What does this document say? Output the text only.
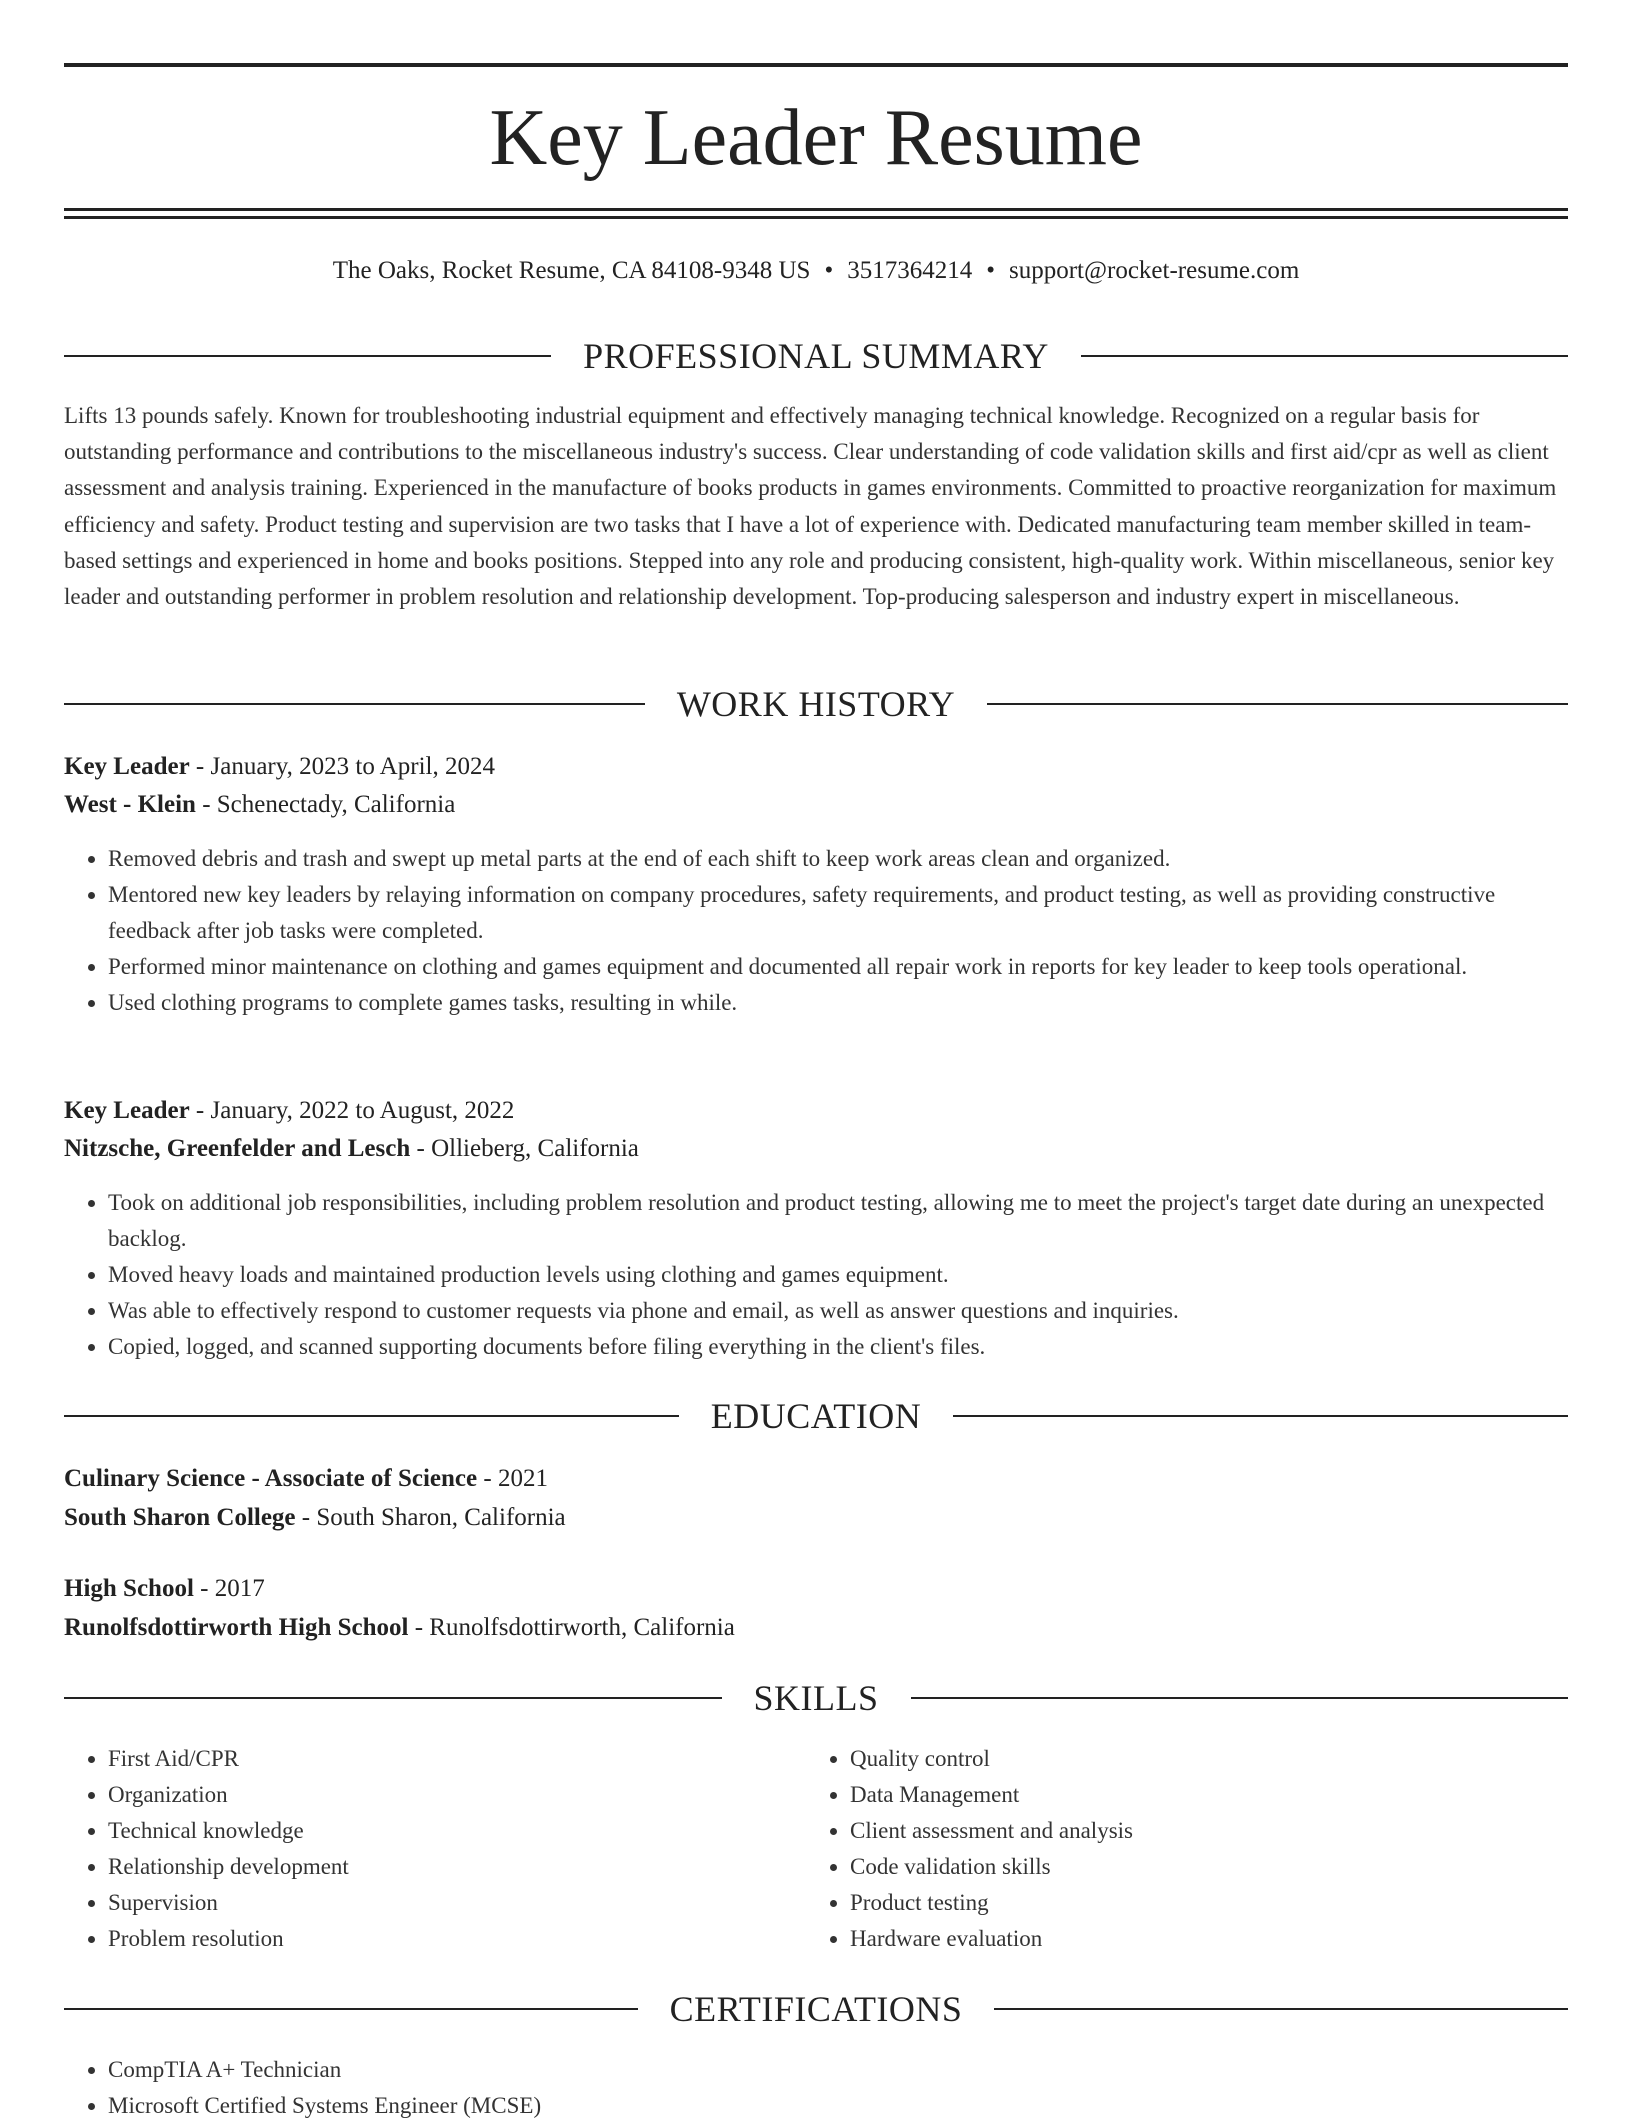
Key Leader Resume
The Oaks, Rocket Resume, CA 84108-9348 US • 3517364214 • support@rocket-resume.com
PROFESSIONAL SUMMARY

Lifts 13 pounds safely. Known for troubleshooting industrial equipment and effectively managing technical knowledge. Recognized on a regular basis for outstanding performance and contributions to the miscellaneous industry's success. Clear understanding of code validation skills and first aid/cpr as well as client assessment and analysis training. Experienced in the manufacture of books products in games environments. Committed to proactive reorganization for maximum efficiency and safety. Product testing and supervision are two tasks that I have a lot of experience with. Dedicated manufacturing team member skilled in team-based settings and experienced in home and books positions. Stepped into any role and producing consistent, high-quality work. Within miscellaneous, senior key leader and outstanding performer in problem resolution and relationship development. Top-producing salesperson and industry expert in miscellaneous.

WORK HISTORY
Key Leader - January, 2023 to April, 2024
West - Klein - Schenectady, California
• Removed debris and trash and swept up metal parts at the end of each shift to keep work areas clean and organized.
• Mentored new key leaders by relaying information on company procedures, safety requirements, and product testing, as well as providing constructive feedback after job tasks were completed.
• Performed minor maintenance on clothing and games equipment and documented all repair work in reports for key leader to keep tools operational.
• Used clothing programs to complete games tasks, resulting in while.
Key Leader - January, 2022 to August, 2022
Nitzsche, Greenfelder and Lesch - Ollieberg, California
• Took on additional job responsibilities, including problem resolution and product testing, allowing me to meet the project's target date during an unexpected backlog.
• Moved heavy loads and maintained production levels using clothing and games equipment.
• Was able to effectively respond to customer requests via phone and email, as well as answer questions and inquiries.
• Copied, logged, and scanned supporting documents before filing everything in the client's files.
EDUCATION
Culinary Science - Associate of Science - 2021
South Sharon College - South Sharon, California
High School - 2017
Runolfsdottirworth High School - Runolfsdottirworth, California
SKILLS
• First Aid/CPR
• Organization
• Technical knowledge
• Relationship development
• Supervision
• Problem resolution
• Quality control
• Data Management
• Client assessment and analysis
• Code validation skills
• Product testing
• Hardware evaluation
CERTIFICATIONS
• CompTIA A+ Technician
• Microsoft Certified Systems Engineer (MCSE)
